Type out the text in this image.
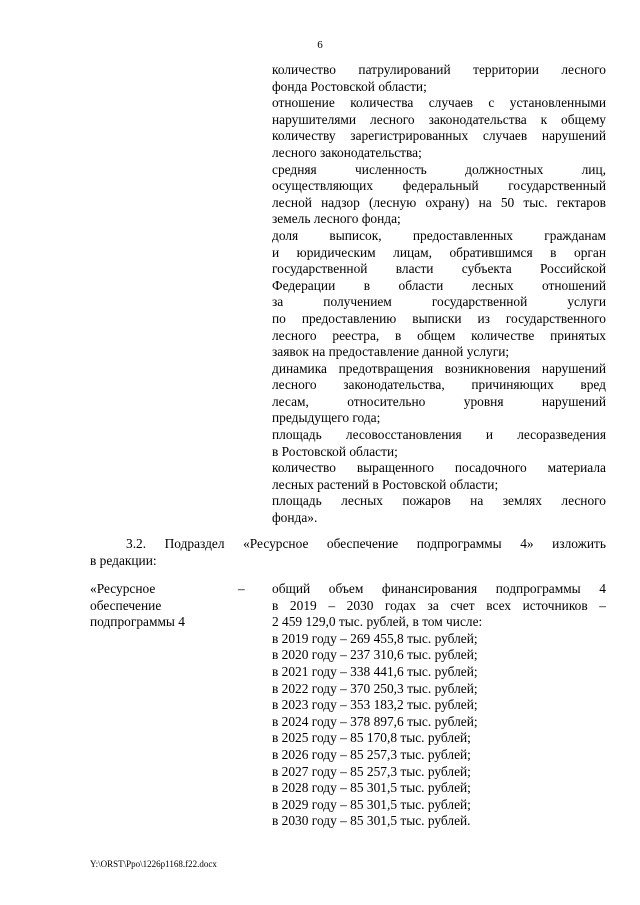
6
количество патрулирований территории лесного
фонда Ростовской области;
отношение количества случаев с установленными
нарушителями лесного законодательства к общему
количеству зарегистрированных случаев нарушений
лесного законодательства;
средняя численность должностных лиц,
осуществляющих федеральный государственный
лесной надзор (лесную охрану) на 50 тыс. гектаров
земель лесного фонда;
доля выписок, предоставленных гражданам
и юридическим лицам, обратившимся в орган
государственной власти субъекта Российской
Федерации в области лесных отношений
за получением государственной услуги
по предоставлению выписки из государственного
лесного реестра, в общем количестве принятых
заявок на предоставление данной услуги;
динамика предотвращения возникновения нарушений
лесного законодательства, причиняющих вред
лесам, относительно уровня нарушений
предыдущего года;
площадь лесовосстановления и лесоразведения
в Ростовской области;
количество выращенного посадочного материала
лесных растений в Ростовской области;
площадь лесных пожаров на землях лесного
фонда».
3.2. Подраздел «Ресурсное обеспечение подпрограммы 4» изложить
в редакции:
«Ресурсное
обеспечение
подпрограммы 4
– общий объем финансирования подпрограммы 4
в 2019 – 2030 годах за счет всех источников –
2 459 129,0 тыс. рублей, в том числе:
в 2019 году – 269 455,8 тыс. рублей;
в 2020 году – 237 310,6 тыс. рублей;
в 2021 году – 338 441,6 тыс. рублей;
в 2022 году – 370 250,3 тыс. рублей;
в 2023 году – 353 183,2 тыс. рублей;
в 2024 году – 378 897,6 тыс. рублей;
в 2025 году – 85 170,8 тыс. рублей;
в 2026 году – 85 257,3 тыс. рублей;
в 2027 году – 85 257,3 тыс. рублей;
в 2028 году – 85 301,5 тыс. рублей;
в 2029 году – 85 301,5 тыс. рублей;
в 2030 году – 85 301,5 тыс. рублей.
Y:\ORST\Ppo\1226p1168.f22.docx
